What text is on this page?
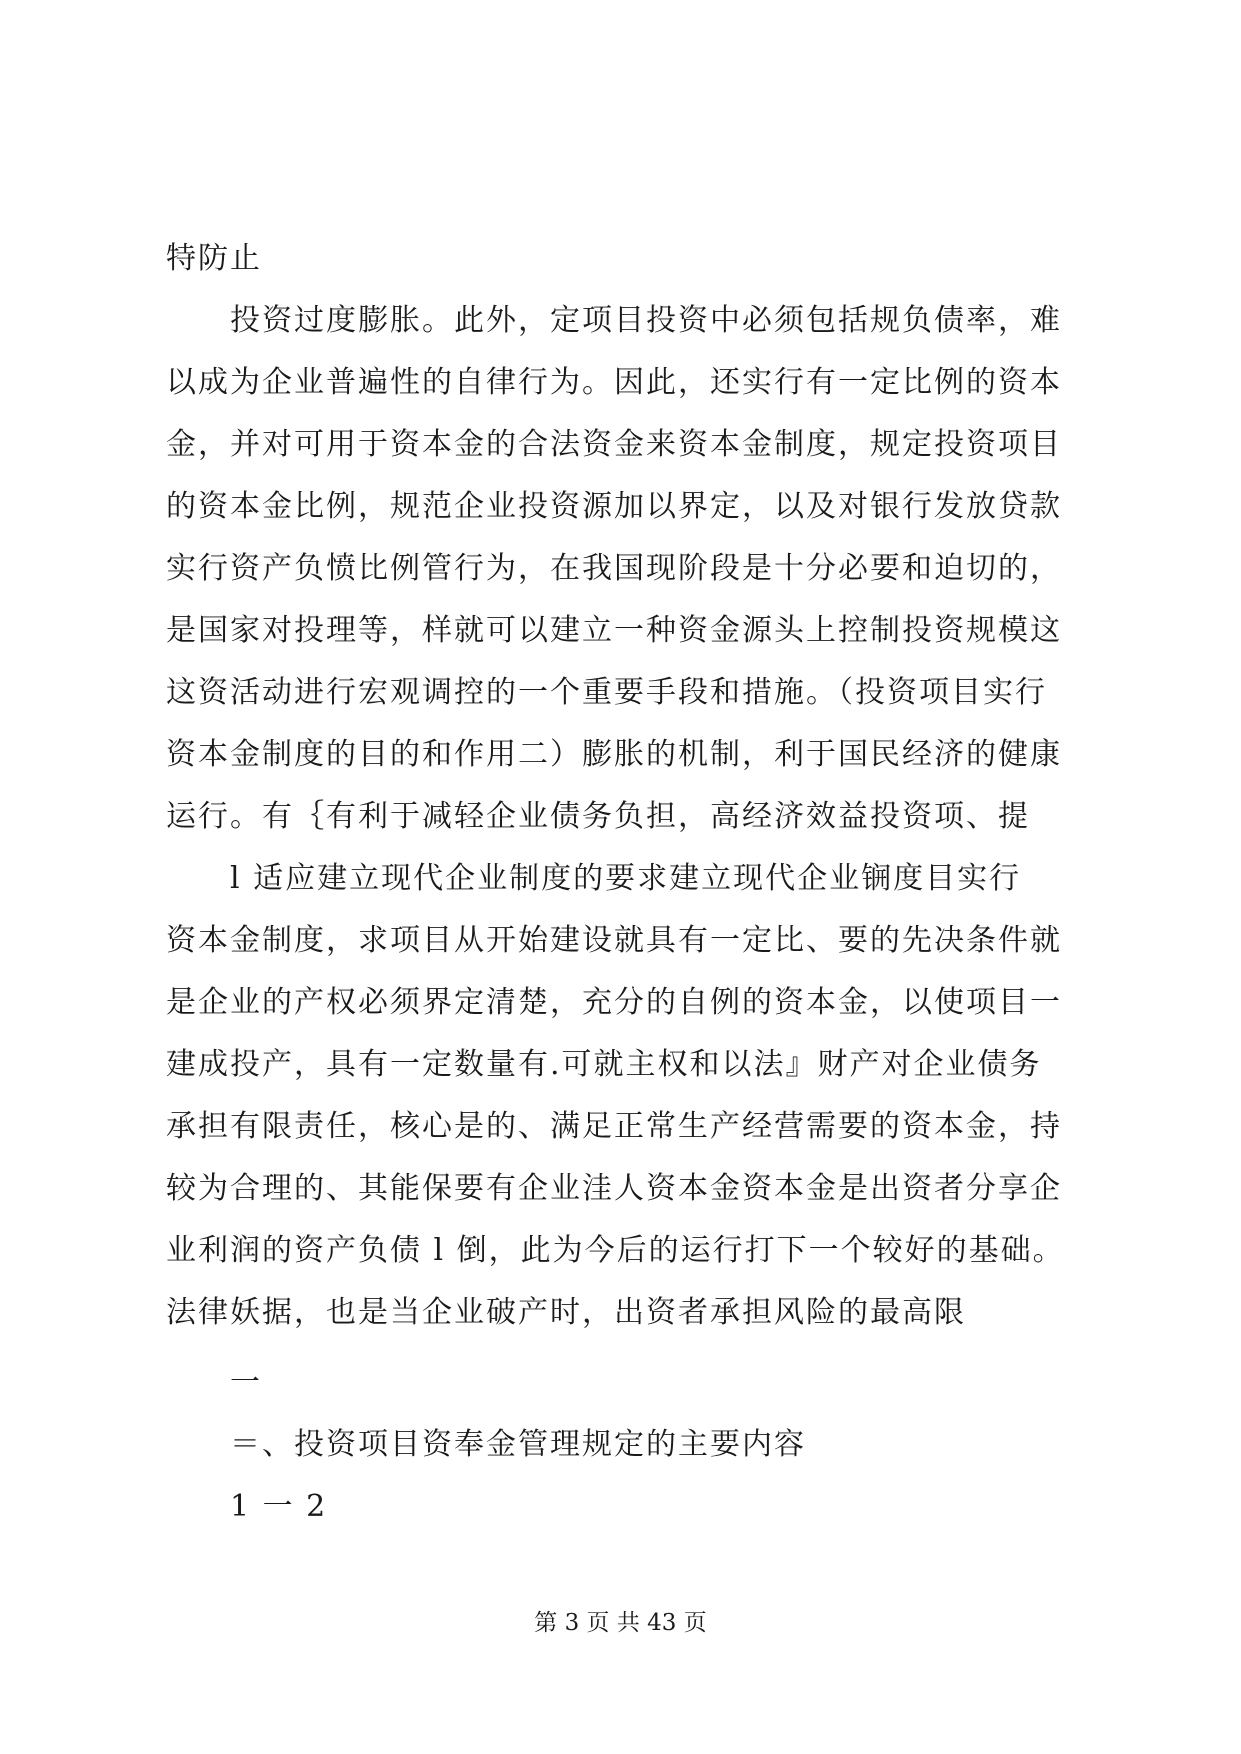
特防止
投资过度膨胀。此外，定项目投资中必须包括规负债率，难
以成为企业普遍性的自律行为。因此，还实行有一定比例的资本
金，并对可用于资本金的合法资金来资本金制度，规定投资项目
的资本金比例，规范企业投资源加以界定，以及对银行发放贷款
实行资产负愤比例管行为，在我国现阶段是十分必要和迫切的，
是国家对投理等，样就可以建立一种资金源头上控制投资规模这
这资活动进行宏观调控的一个重要手段和措施。（投资项目实行
资本金制度的目的和作用二）膨胀的机制，利于国民经济的健康
运行。有｛有利于减轻企业债务负担，高经济效益投资项、提
l 适应建立现代企业制度的要求建立现代企业锎度目实行
资本金制度，求项目从开始建设就具有一定比、要的先决条件就
是企业的产权必须界定清楚，充分的自例的资本金，以使项目一
建成投产，具有一定数量有.可就主权和以法』财产对企业债务
承担有限责任，核心是的、满足正常生产经营需要的资本金，持
较为合理的、其能保要有企业洼人资本金资本金是出资者分享企
业利润的资产负债 l 倒，此为今后的运行打下一个较好的基础。
法律妖据，也是当企业破产时，出资者承担风险的最高限
一
＝、投资项目资奉金管理规定的主要内容
1 一 2
第 3 页 共 43 页
